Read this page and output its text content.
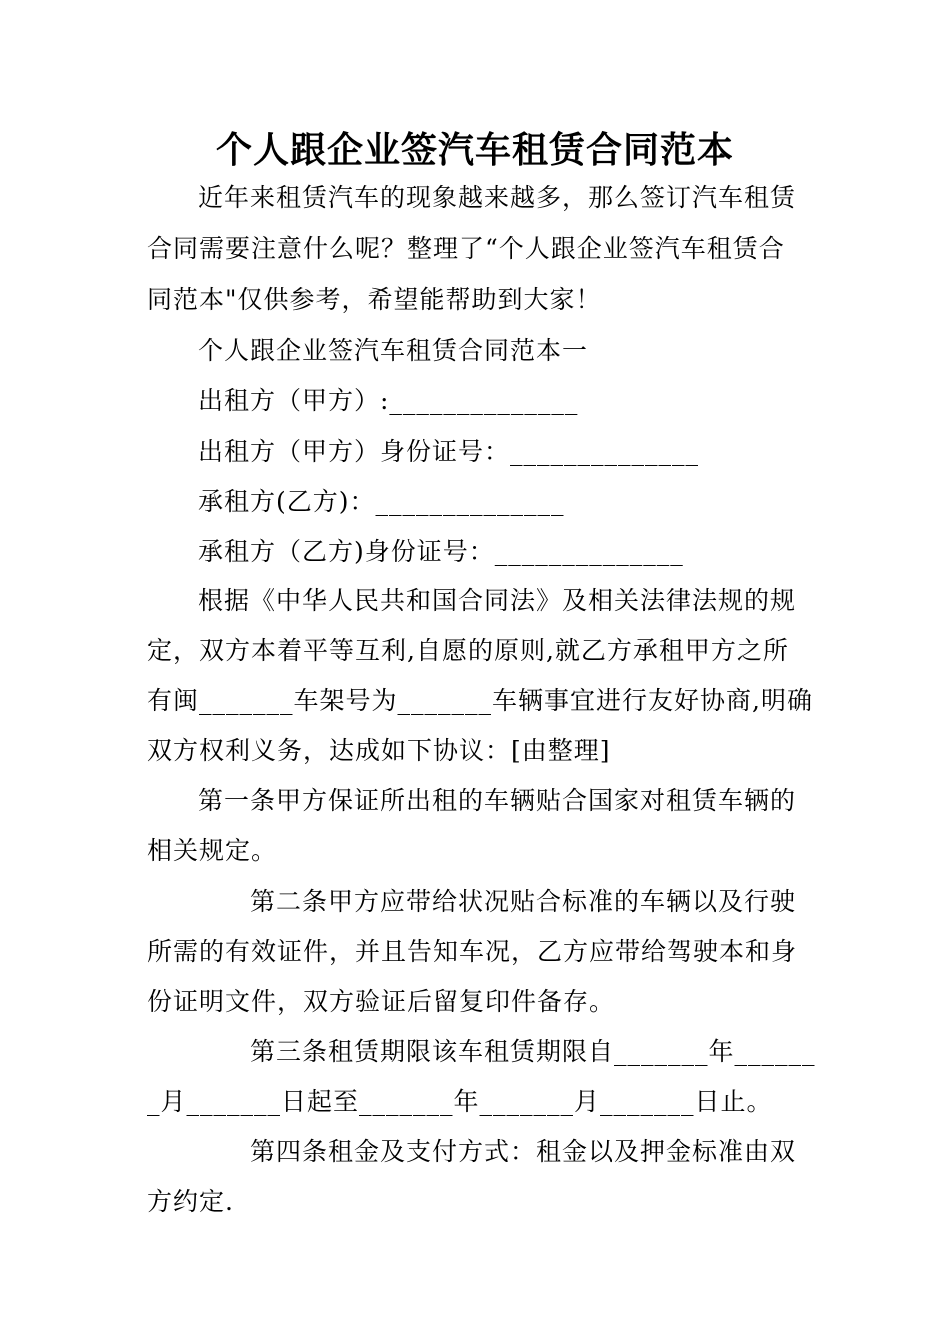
个人跟企业签汽车租赁合同范本
近年来租赁汽车的现象越来越多，那么签订汽车租赁
合同需要注意什么呢？整理了“个人跟企业签汽车租赁合
同范本"仅供参考，希望能帮助到大家！
个人跟企业签汽车租赁合同范本一
出租方（甲方）:______________
出租方（甲方）身份证号：______________
承租方(乙方)：______________
承租方（乙方)身份证号：______________
根据《中华人民共和国合同法》及相关法律法规的规
定，双方本着平等互利,自愿的原则,就乙方承租甲方之所
有闽_______车架号为_______车辆事宜进行友好协商,明确
双方权利义务，达成如下协议：[由整理]
第一条甲方保证所出租的车辆贴合国家对租赁车辆的
相关规定。
第二条甲方应带给状况贴合标准的车辆以及行驶
所需的有效证件，并且告知车况，乙方应带给驾驶本和身
份证明文件，双方验证后留复印件备存。
第三条租赁期限该车租赁期限自_______年______
_月_______日起至_______年_______月_______日止。
第四条租金及支付方式：租金以及押金标准由双
方约定.
